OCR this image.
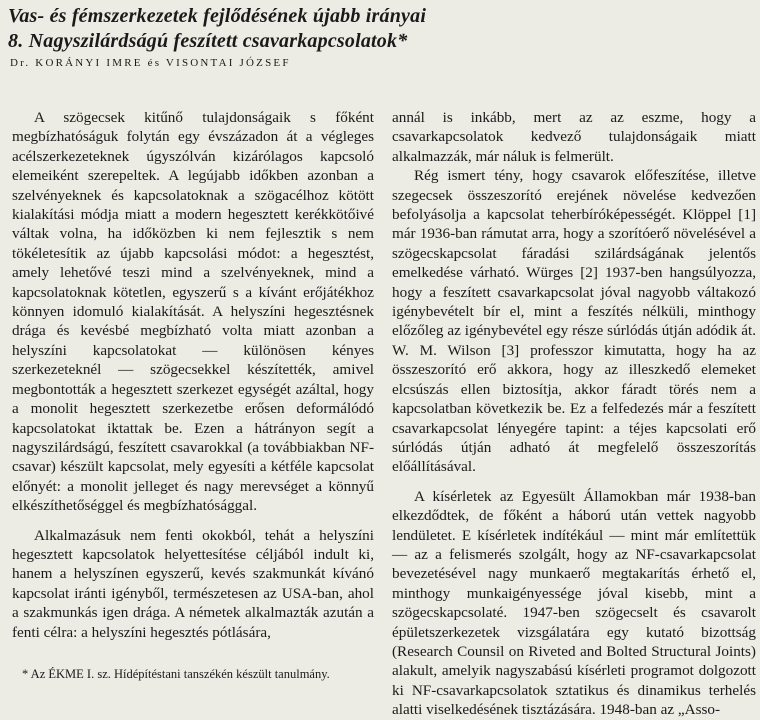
Vas- és fémszerkezetek fejlődésének újabb irányai
8. Nagyszilárdságú feszített csavarkapcsolatok*
Dr. KORÁNYI IMRE és VISONTAI JÓZSEF

A szögecsek kitűnő tulajdonságaik s főként megbízhatóságuk folytán egy évszázadon át a végleges acélszerkezeteknek úgyszólván kizárólagos kapcsoló elemeiként szerepeltek. A legújabb időkben azonban a szelvényeknek és kapcsolatoknak a szögacélhoz kötött kialakítási módja miatt a modern hegesztett kerékkötőivé váltak volna, ha időközben ki nem fejlesztik s nem tökéletesítik az újabb kapcsolási módot: a hegesztést, amely lehetővé teszi mind a szelvényeknek, mind a kapcsolatoknak kötetlen, egyszerű s a kívánt erőjátékhoz könnyen idomuló kialakítását. A helyszíni hegesztésnek drága és kevésbé megbízható volta miatt azonban a helyszíni kapcsolatokat — különösen kényes szerkezeteknél — szögecsekkel készítették, amivel megbontották a hegesztett szerkezet egységét azáltal, hogy a monolit hegesztett szerkezetbe erősen deformálódó kapcsolatokat iktattak be. Ezen a hátrányon segít a nagyszilárdságú, feszített csavarokkal (a továbbiakban NF-csavar) készült kapcsolat, mely egyesíti a kétféle kapcsolat előnyét: a monolit jelleget és nagy merevséget a könnyű elkészíthetőséggel és megbízhatósággal.

Alkalmazásuk nem fenti okokból, tehát a helyszíni hegesztett kapcsolatok helyettesítése céljából indult ki, hanem a helyszínen egyszerű, kevés szakmunkát kívánó kapcsolat iránti igényből, természetesen az USA-ban, ahol a szakmunkás igen drága. A németek alkalmazták azután a fenti célra: a helyszíni hegesztés pótlására,

* Az ÉKME I. sz. Hídépítéstani tanszékén készült tanulmány.

annál is inkább, mert az az eszme, hogy a csavarkapcsolatok kedvező tulajdonságaik miatt alkalmazzák, már náluk is felmerült.

Rég ismert tény, hogy csavarok előfeszítése, illetve szegecsek összeszorító erejének növelése kedvezően befolyásolja a kapcsolat teherbíróképességét. Klöppel [1] már 1936-ban rámutat arra, hogy a szorítóerő növelésével a szögecskapcsolat fáradási szilárdságának jelentős emelkedése várható. Würges [2] 1937-ben hangsúlyozza, hogy a feszített csavarkapcsolat jóval nagyobb váltakozó igénybevételt bír el, mint a feszítés nélküli, minthogy előzőleg az igénybevétel egy része súrlódás útján adódik át. W. M. Wilson [3] professzor kimutatta, hogy ha az összeszorító erő akkora, hogy az illeszkedő elemeket elcsúszás ellen biztosítja, akkor fáradt törés nem a kapcsolatban következik be. Ez a felfedezés már a feszített csavarkapcsolat lényegére tapint: a téjes kapcsolati erő súrlódás útján adható át megfelelő összeszorítás előállításával.

A kísérletek az Egyesült Államokban már 1938-ban elkezdődtek, de főként a háború után vettek nagyobb lendületet. E kísérletek indítékául — mint már említettük — az a felismerés szolgált, hogy az NF-csavarkapcsolat bevezetésével nagy munkaerő megtakarítás érhető el, minthogy munkaigényessége jóval kisebb, mint a szögecskapcsolaté. 1947-ben szögecselt és csavarolt épületszerkezetek vizsgálatára egy kutató bizottság (Research Counsil on Riveted and Bolted Structural Joints) alakult, amelyik nagyszabású kísérleti programot dolgozott ki NF-csavarkapcsolatok sztatikus és dinamikus terhelés alatti viselkedésének tisztázására. 1948-ban az „Asso-
